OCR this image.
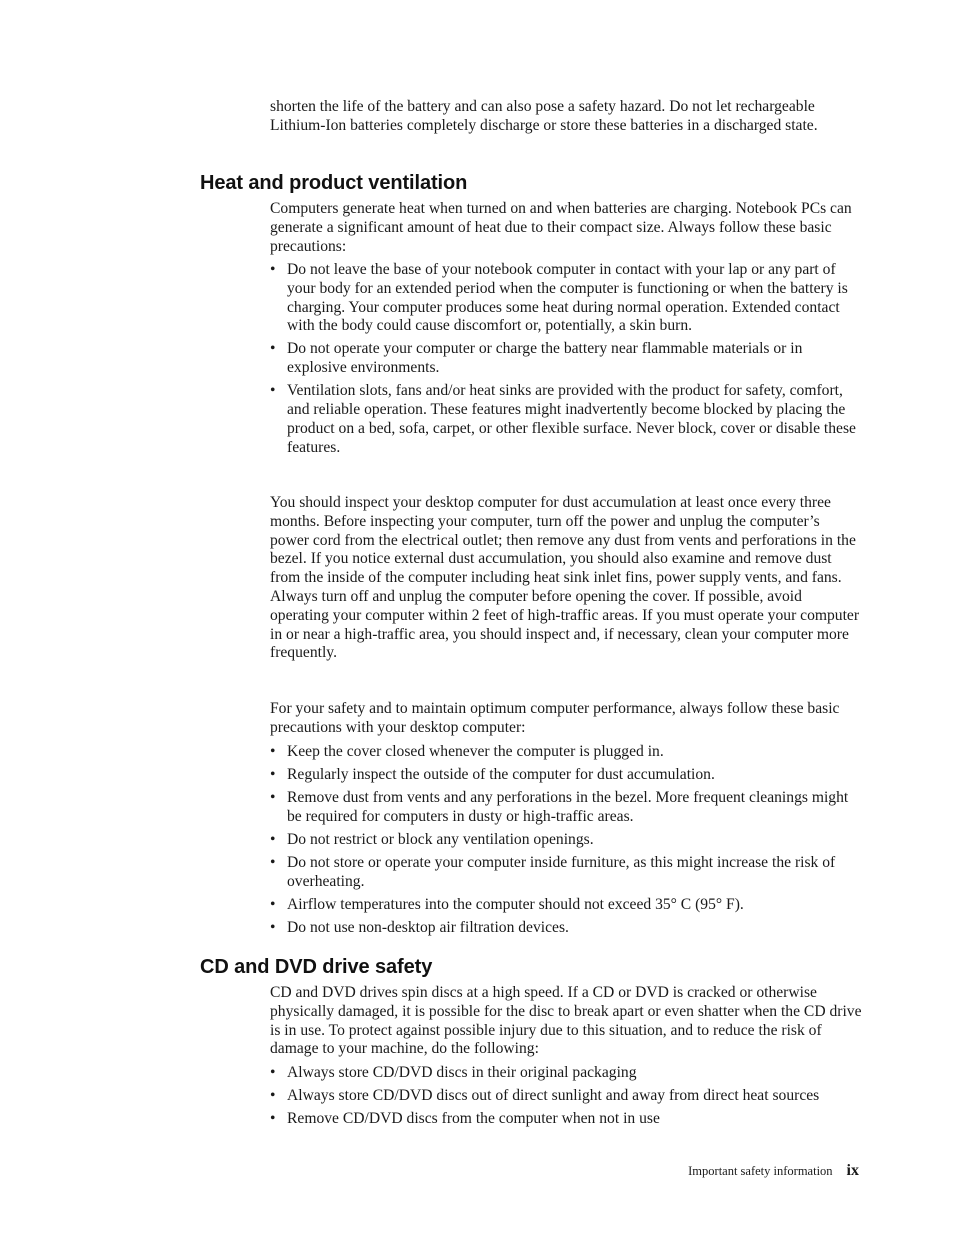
shorten the life of the battery and can also pose a safety hazard. Do not let rechargeable Lithium-Ion batteries completely discharge or store these batteries in a discharged state.

Heat and product ventilation

Computers generate heat when turned on and when batteries are charging. Notebook PCs can generate a significant amount of heat due to their compact size. Always follow these basic precautions:

• Do not leave the base of your notebook computer in contact with your lap or any part of your body for an extended period when the computer is functioning or when the battery is charging. Your computer produces some heat during normal operation. Extended contact with the body could cause discomfort or, potentially, a skin burn.
• Do not operate your computer or charge the battery near flammable materials or in explosive environments.
• Ventilation slots, fans and/or heat sinks are provided with the product for safety, comfort, and reliable operation. These features might inadvertently become blocked by placing the product on a bed, sofa, carpet, or other flexible surface. Never block, cover or disable these features.

You should inspect your desktop computer for dust accumulation at least once every three months. Before inspecting your computer, turn off the power and unplug the computer’s power cord from the electrical outlet; then remove any dust from vents and perforations in the bezel. If you notice external dust accumulation, you should also examine and remove dust from the inside of the computer including heat sink inlet fins, power supply vents, and fans. Always turn off and unplug the computer before opening the cover. If possible, avoid operating your computer within 2 feet of high-traffic areas. If you must operate your computer in or near a high-traffic area, you should inspect and, if necessary, clean your computer more frequently.

For your safety and to maintain optimum computer performance, always follow these basic precautions with your desktop computer:

• Keep the cover closed whenever the computer is plugged in.
• Regularly inspect the outside of the computer for dust accumulation.
• Remove dust from vents and any perforations in the bezel. More frequent cleanings might be required for computers in dusty or high-traffic areas.
• Do not restrict or block any ventilation openings.
• Do not store or operate your computer inside furniture, as this might increase the risk of overheating.
• Airflow temperatures into the computer should not exceed 35° C (95° F).
• Do not use non-desktop air filtration devices.
CD and DVD drive safety

CD and DVD drives spin discs at a high speed. If a CD or DVD is cracked or otherwise physically damaged, it is possible for the disc to break apart or even shatter when the CD drive is in use. To protect against possible injury due to this situation, and to reduce the risk of damage to your machine, do the following:

• Always store CD/DVD discs in their original packaging
• Always store CD/DVD discs out of direct sunlight and away from direct heat sources
• Remove CD/DVD discs from the computer when not in use
Important safety information ix
